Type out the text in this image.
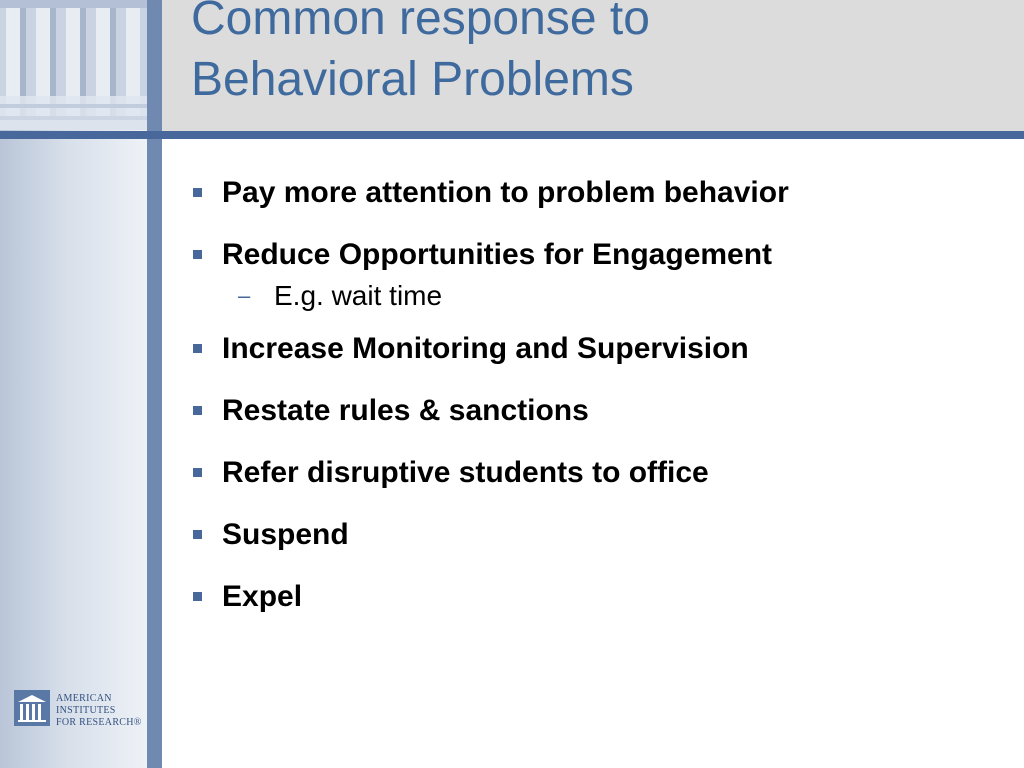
Common response to
Behavioral Problems
Pay more attention to problem behavior
Reduce Opportunities for Engagement
– E.g. wait time
Increase Monitoring and Supervision
Restate rules & sanctions
Refer disruptive students to office
Suspend
Expel
AMERICAN
INSTITUTES
FOR RESEARCH®
